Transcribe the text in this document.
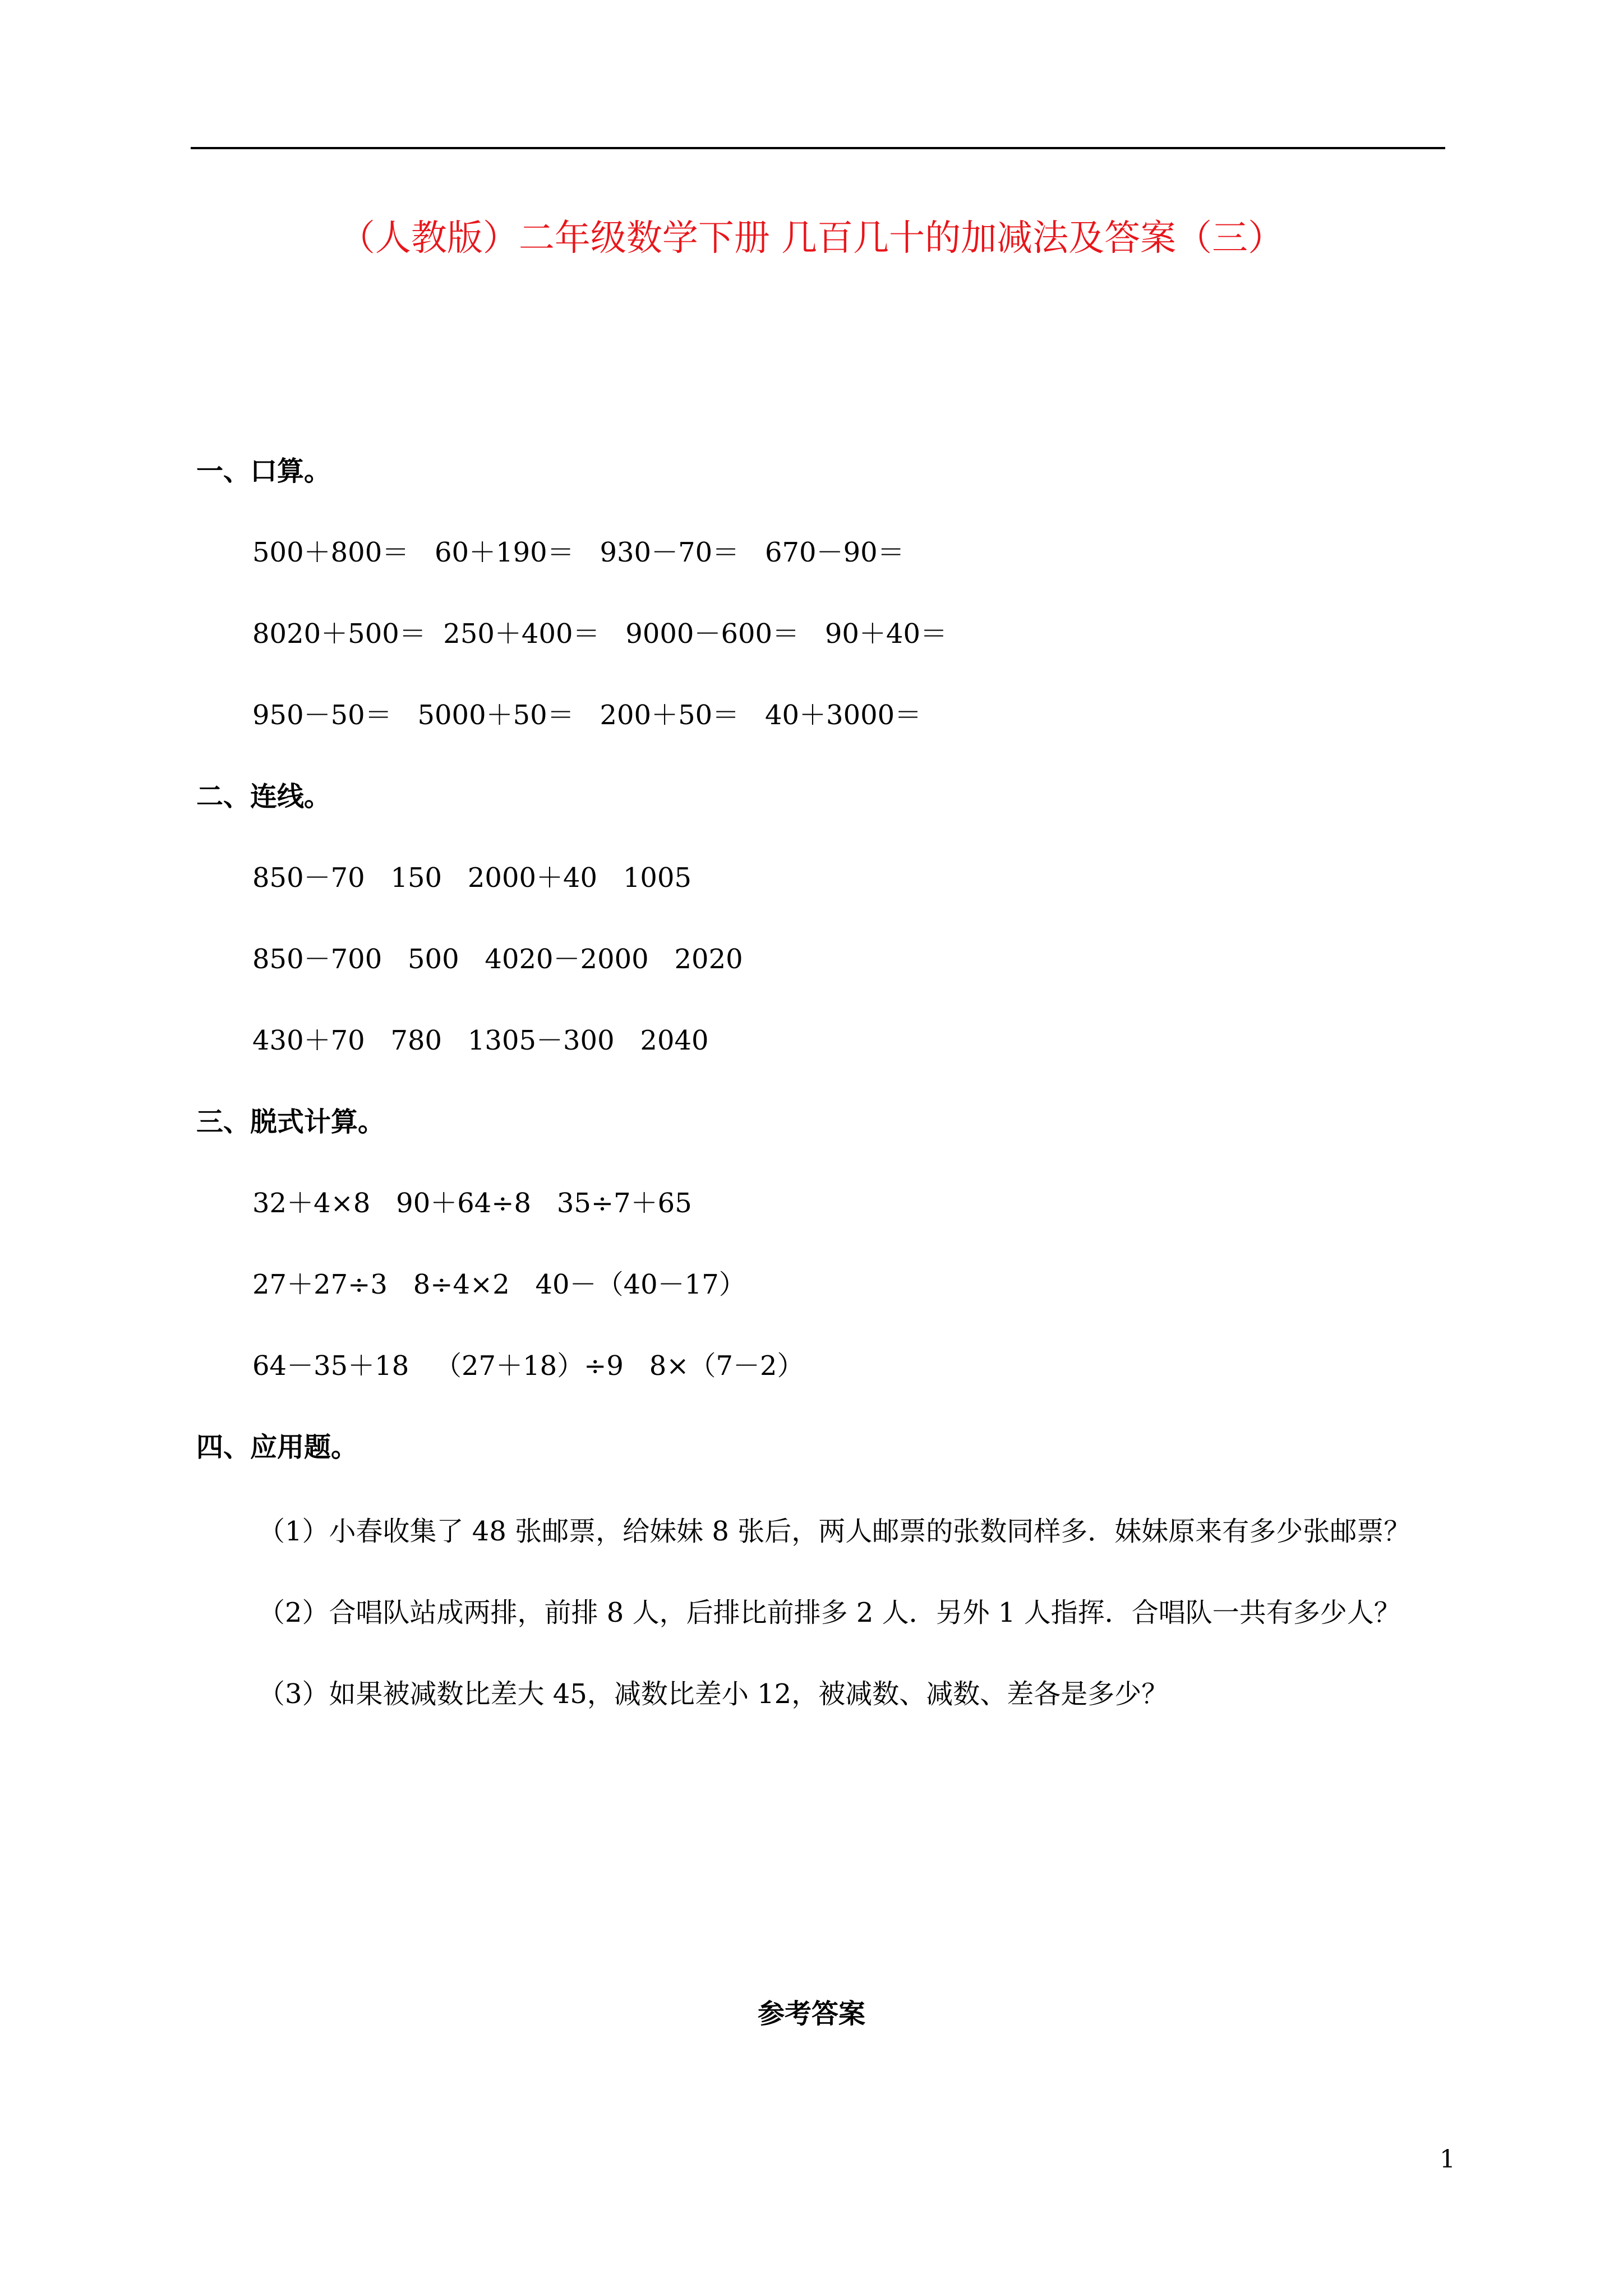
（人教版）二年级数学下册 几百几十的加减法及答案（三）
一、口算。
500＋800＝   60＋190＝   930－70＝   670－90＝
8020＋500＝  250＋400＝   9000－600＝   90＋40＝
950－50＝   5000＋50＝   200＋50＝   40＋3000＝
二、连线。
850－70   150   2000＋40   1005
850－700   500   4020－2000   2020
430＋70   780   1305－300   2040
三、脱式计算。
32＋4×8   90＋64÷8   35÷7＋65
27＋27÷3   8÷4×2   40－（40－17）
64－35＋18   （27＋18）÷9   8×（7－2）
四、应用题。
（1）小春收集了 48 张邮票，给妹妹 8 张后，两人邮票的张数同样多．妹妹原来有多少张邮票？
（2）合唱队站成两排，前排 8 人，后排比前排多 2 人．另外 1 人指挥．合唱队一共有多少人？
（3）如果被减数比差大 45，减数比差小 12，被减数、减数、差各是多少？
参考答案
1
